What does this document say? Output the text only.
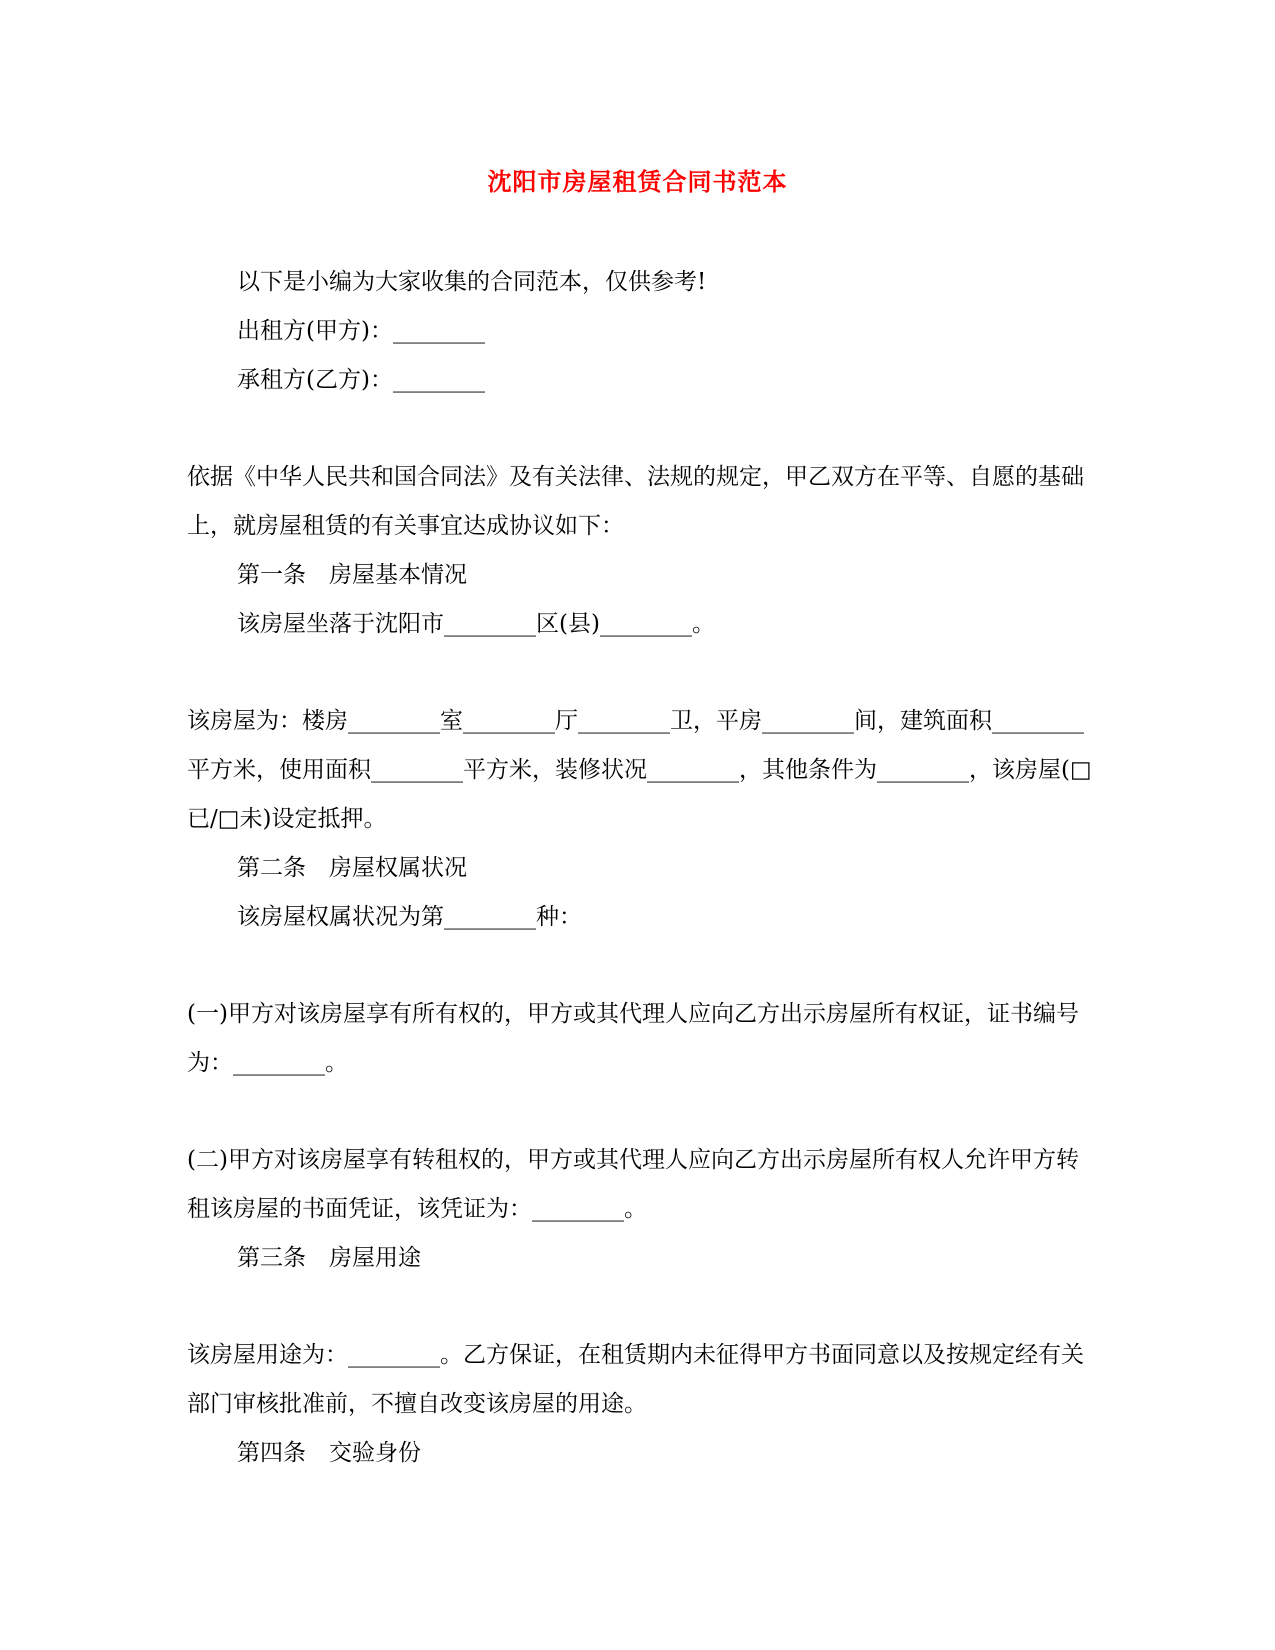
沈阳市房屋租赁合同书范本

以下是小编为大家收集的合同范本，仅供参考!

出租方(甲方)：________

承租方(乙方)：________

依据《中华人民共和国合同法》及有关法律、法规的规定，甲乙双方在平等、自愿的基础上，就房屋租赁的有关事宜达成协议如下：

第一条　房屋基本情况

该房屋坐落于沈阳市________区(县)________。

该房屋为：楼房________室________厅________卫，平房________间，建筑面积________平方米，使用面积________平方米，装修状况________，其他条件为________，该房屋(□已/□未)设定抵押。

第二条　房屋权属状况

该房屋权属状况为第________种：

(一)甲方对该房屋享有所有权的，甲方或其代理人应向乙方出示房屋所有权证，证书编号为：________。

(二)甲方对该房屋享有转租权的，甲方或其代理人应向乙方出示房屋所有权人允许甲方转租该房屋的书面凭证，该凭证为：________。

第三条　房屋用途

该房屋用途为：________。乙方保证，在租赁期内未征得甲方书面同意以及按规定经有关部门审核批准前，不擅自改变该房屋的用途。

第四条　交验身份
